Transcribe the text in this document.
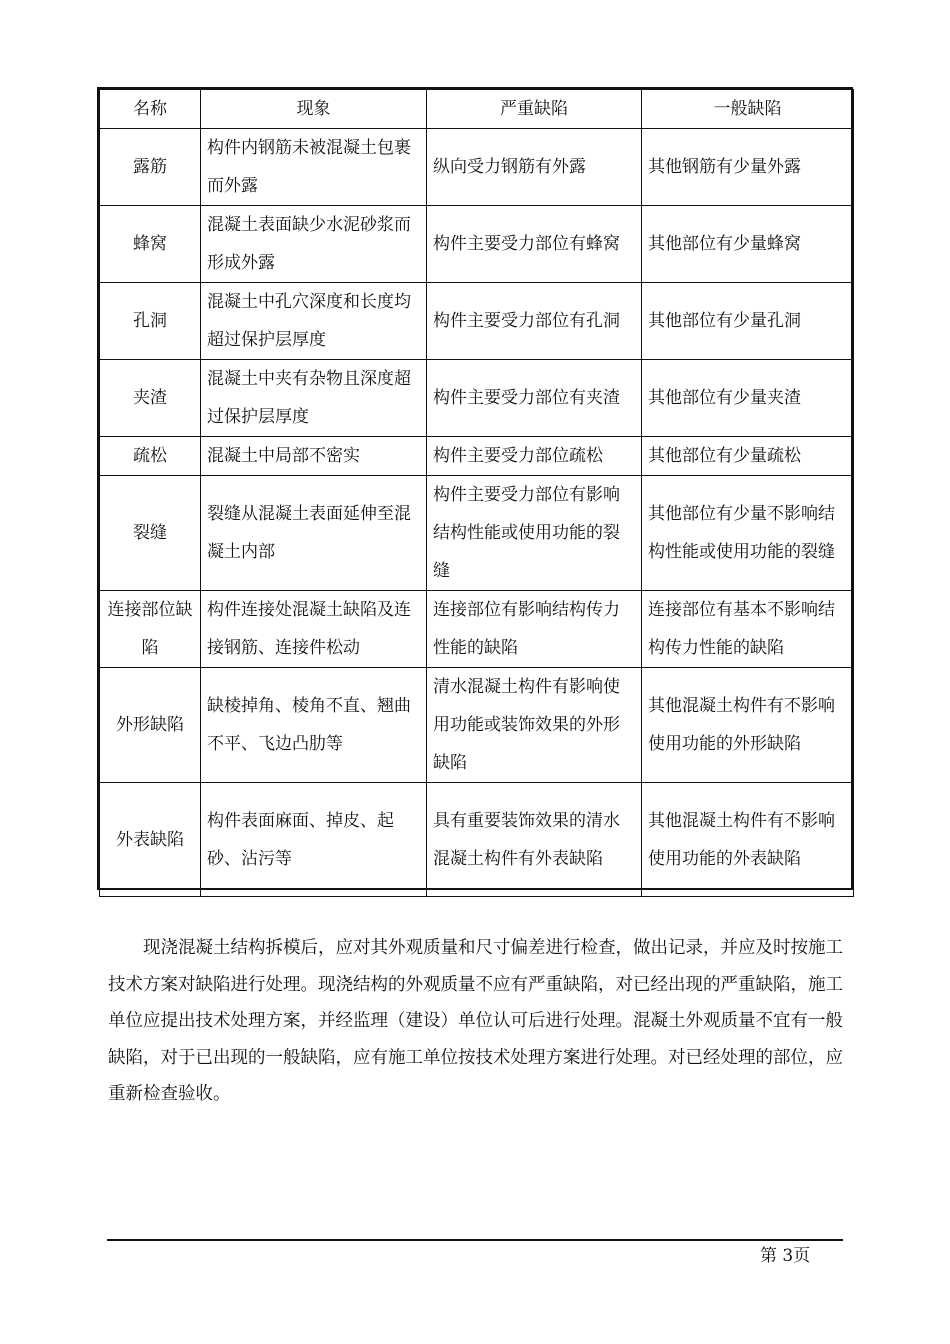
名称	现象	严重缺陷	一般缺陷
露筋	构件内钢筋未被混凝土包裹而外露	纵向受力钢筋有外露	其他钢筋有少量外露
蜂窝	混凝土表面缺少水泥砂浆而形成外露	构件主要受力部位有蜂窝	其他部位有少量蜂窝
孔洞	混凝土中孔穴深度和长度均超过保护层厚度	构件主要受力部位有孔洞	其他部位有少量孔洞
夹渣	混凝土中夹有杂物且深度超过保护层厚度	构件主要受力部位有夹渣	其他部位有少量夹渣
疏松	混凝土中局部不密实	构件主要受力部位疏松	其他部位有少量疏松
裂缝	裂缝从混凝土表面延伸至混凝土内部	构件主要受力部位有影响结构性能或使用功能的裂缝	其他部位有少量不影响结构性能或使用功能的裂缝
连接部位缺陷	构件连接处混凝土缺陷及连接钢筋、连接件松动	连接部位有影响结构传力性能的缺陷	连接部位有基本不影响结构传力性能的缺陷
外形缺陷	缺棱掉角、棱角不直、翘曲不平、飞边凸肋等	清水混凝土构件有影响使用功能或装饰效果的外形缺陷	其他混凝土构件有不影响使用功能的外形缺陷
外表缺陷	构件表面麻面、掉皮、起砂、沾污等	具有重要装饰效果的清水混凝土构件有外表缺陷	其他混凝土构件有不影响使用功能的外表缺陷

现浇混凝土结构拆模后，应对其外观质量和尺寸偏差进行检查，做出记录，并应及时按施工技术方案对缺陷进行处理。现浇结构的外观质量不应有严重缺陷，对已经出现的严重缺陷，施工单位应提出技术处理方案，并经监理（建设）单位认可后进行处理。混凝土外观质量不宜有一般缺陷，对于已出现的一般缺陷，应有施工单位按技术处理方案进行处理。对已经处理的部位，应重新检查验收。

第 3页
